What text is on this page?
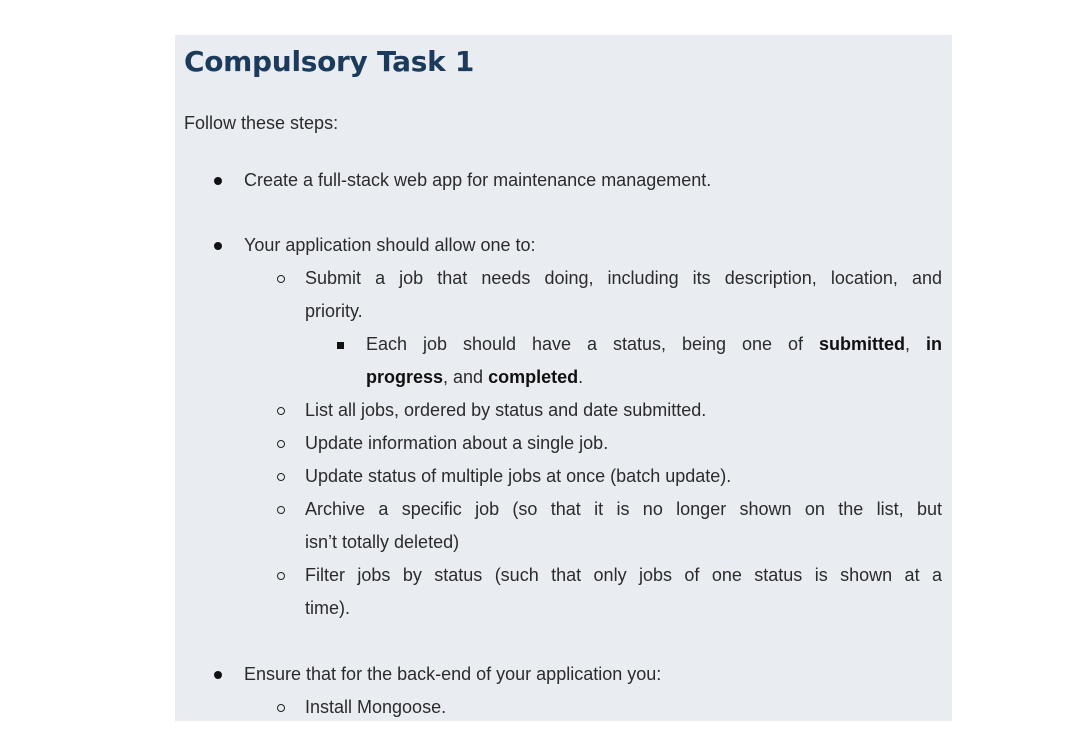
Compulsory Task 1
Follow these steps:
Create a full-stack web app for maintenance management.
Your application should allow one to:
Submit a job that needs doing, including its description, location, and
priority.
Each job should have a status, being one of submitted, in
progress, and completed.
List all jobs, ordered by status and date submitted.
Update information about a single job.
Update status of multiple jobs at once (batch update).
Archive a specific job (so that it is no longer shown on the list, but
isn’t totally deleted)
Filter jobs by status (such that only jobs of one status is shown at a
time).
Ensure that for the back-end of your application you:
Install Mongoose.
